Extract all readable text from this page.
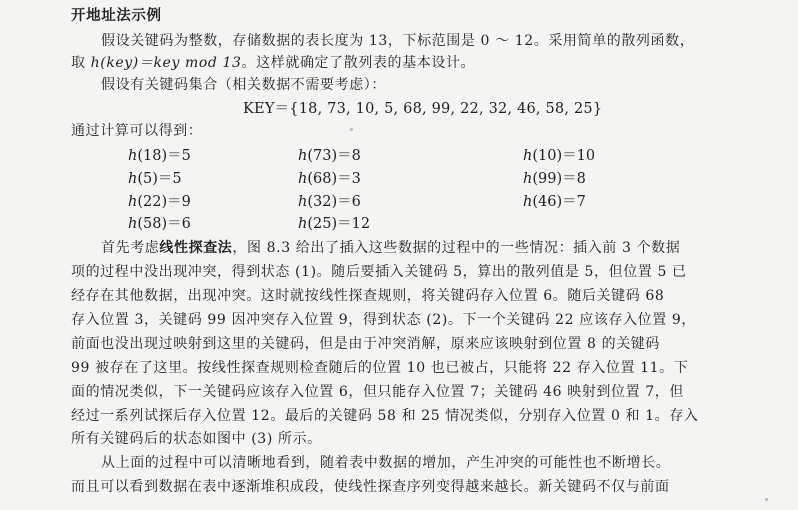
开地址法示例
假设关键码为整数，存储数据的表长度为 13，下标范围是 0 ～ 12。采用简单的散列函数，
取 h(key)＝key mod 13。这样就确定了散列表的基本设计。
假设有关键码集合（相关数据不需要考虑）：
KEY＝{18, 73, 10, 5, 68, 99, 22, 32, 46, 58, 25}
通过计算可以得到：
h(18)＝5	h(73)＝8	h(10)＝10
h(5)＝5	h(68)＝3	h(99)＝8
h(22)＝9	h(32)＝6	h(46)＝7
h(58)＝6	h(25)＝12
首先考虑线性探查法，图 8.3 给出了插入这些数据的过程中的一些情况：插入前 3 个数据
项的过程中没出现冲突，得到状态 (1)。随后要插入关键码 5，算出的散列值是 5，但位置 5 已
经存在其他数据，出现冲突。这时就按线性探查规则，将关键码存入位置 6。随后关键码 68
存入位置 3，关键码 99 因冲突存入位置 9，得到状态 (2)。下一个关键码 22 应该存入位置 9，
前面也没出现过映射到这里的关键码，但是由于冲突消解，原来应该映射到位置 8 的关键码
99 被存在了这里。按线性探查规则检查随后的位置 10 也已被占，只能将 22 存入位置 11。下
面的情况类似，下一关键码应该存入位置 6，但只能存入位置 7；关键码 46 映射到位置 7，但
经过一系列试探后存入位置 12。最后的关键码 58 和 25 情况类似，分别存入位置 0 和 1。存入
所有关键码后的状态如图中 (3) 所示。
从上面的过程中可以清晰地看到，随着表中数据的增加，产生冲突的可能性也不断增长。
而且可以看到数据在表中逐渐堆积成段，使线性探查序列变得越来越长。新关键码不仅与前面
